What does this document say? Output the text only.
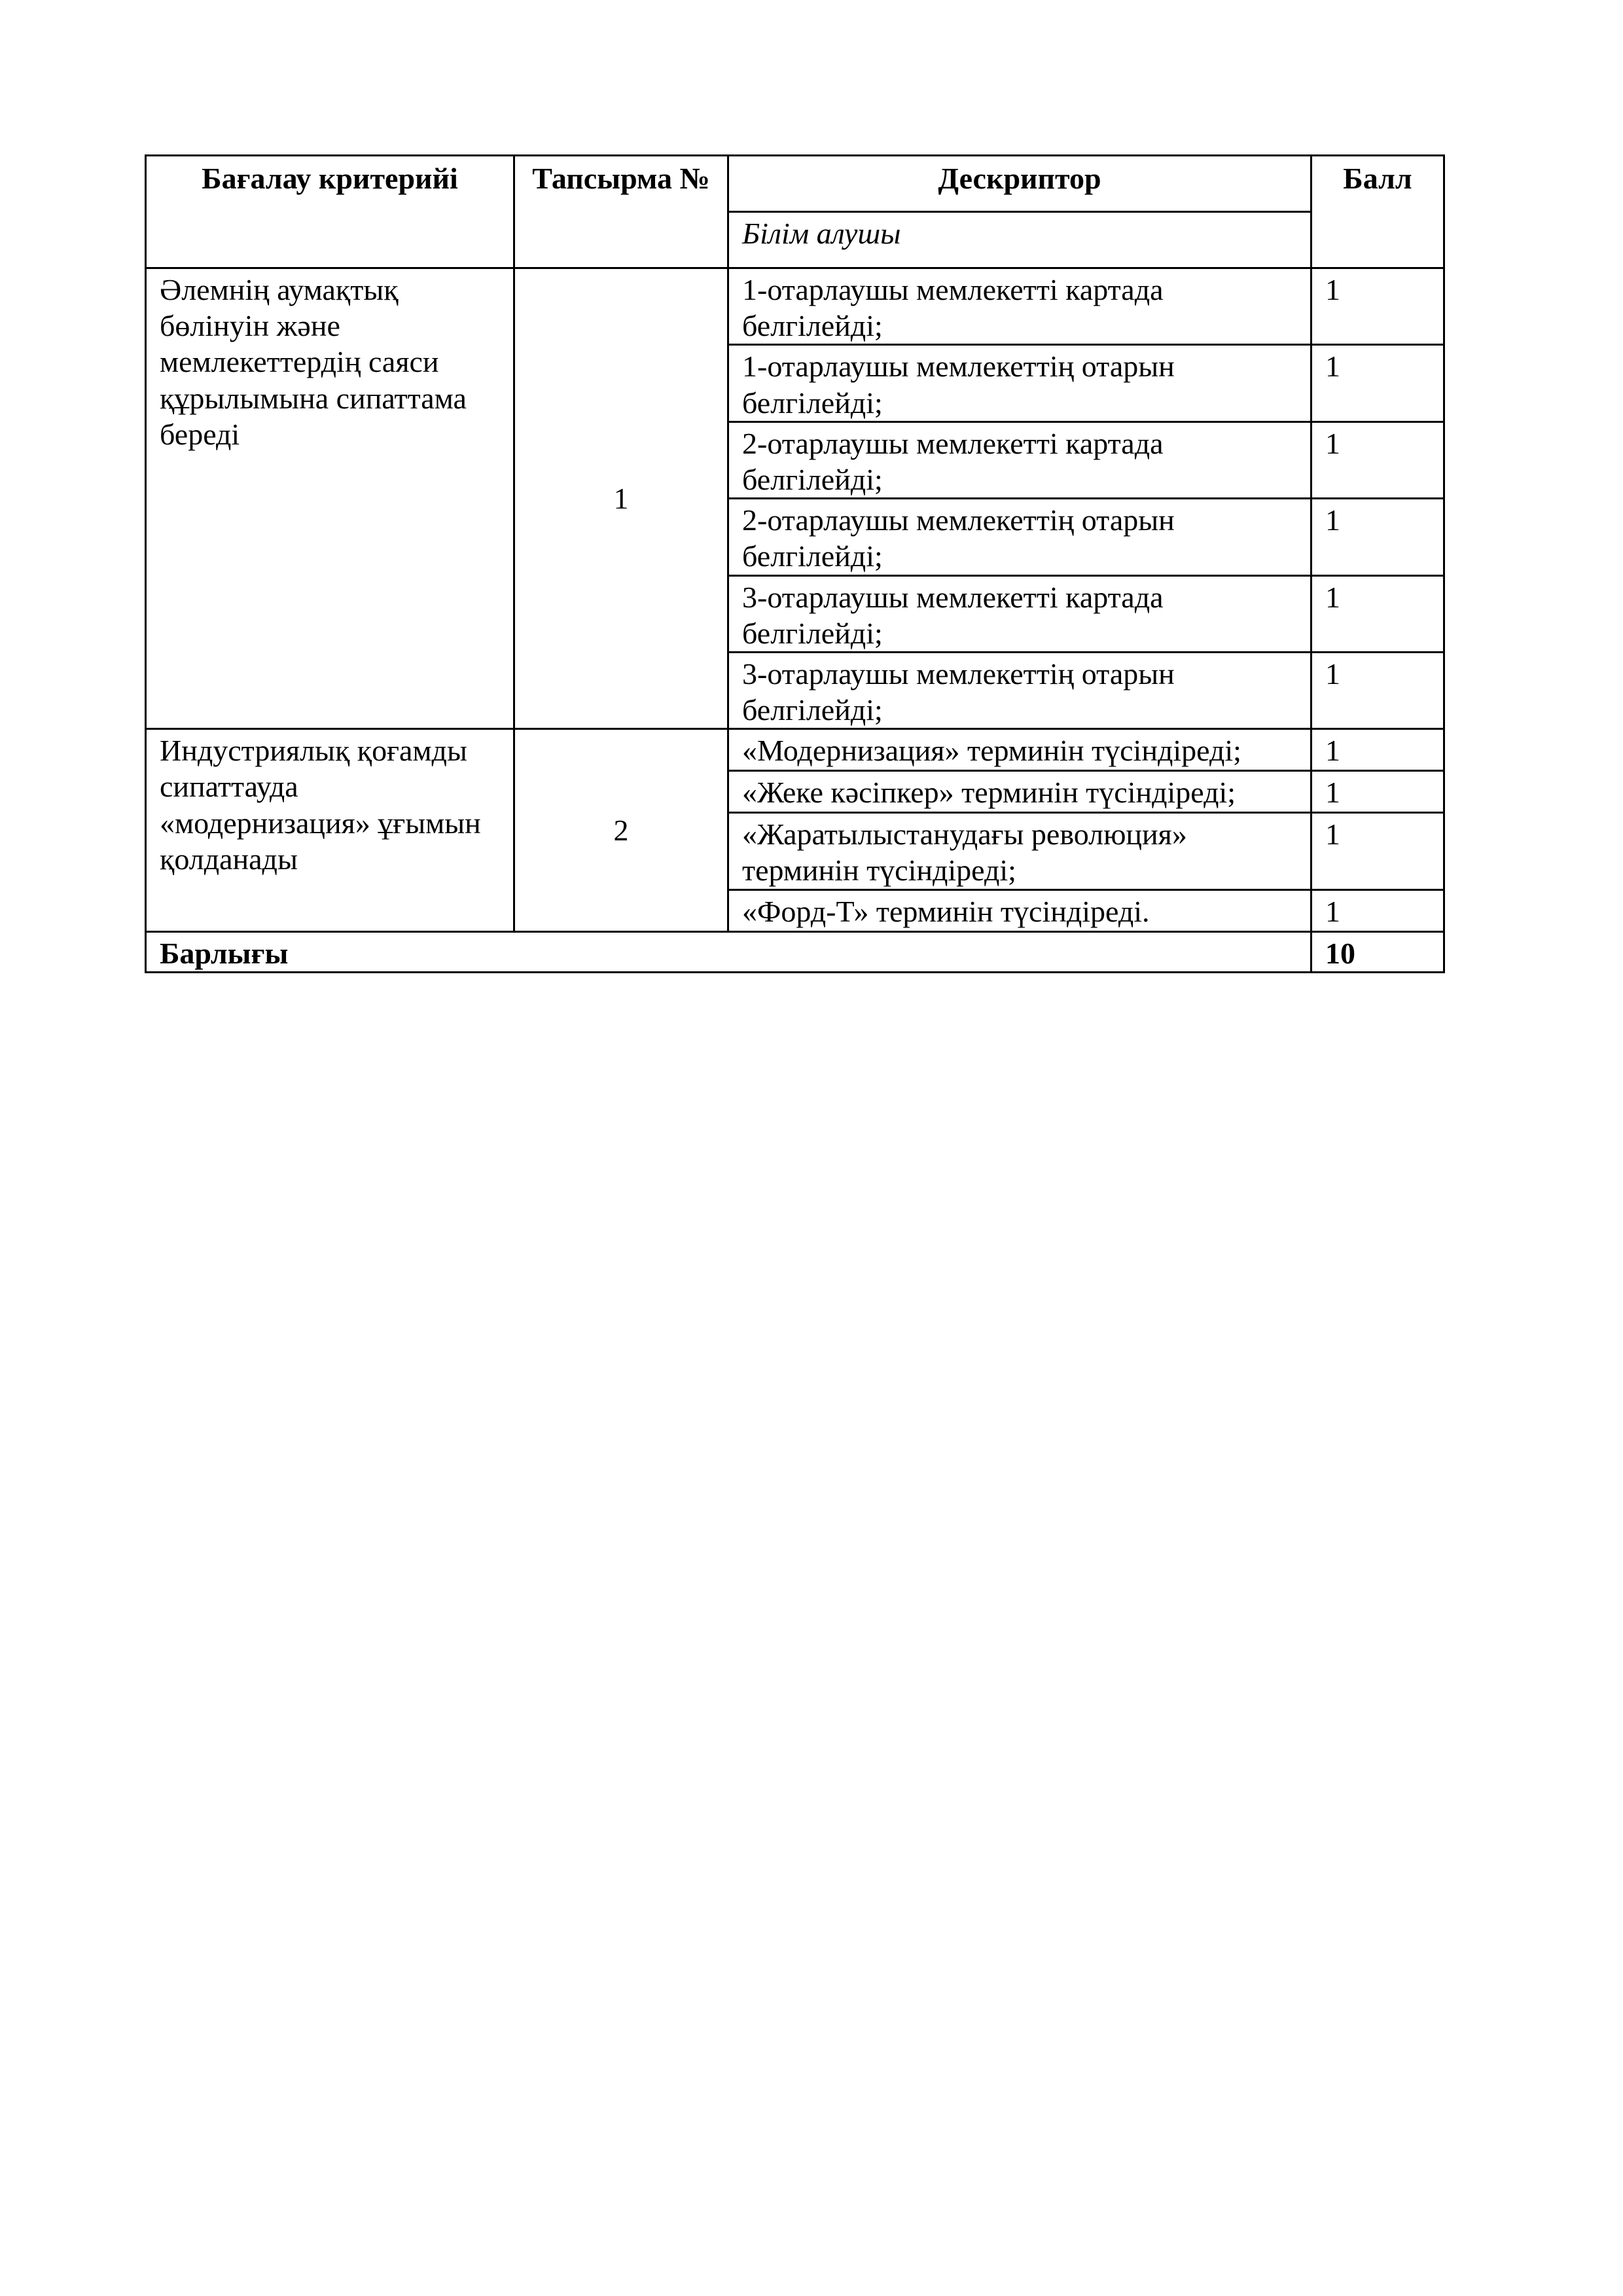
Бағалау критерийі	Тапсырма №	Дескриптор	Балл
		Білім алушы	
Әлемнің аумақтық бөлінуін және мемлекеттердің саяси құрылымына сипаттама береді	1	1-отарлаушы мемлекетті картада белгілейді;	1
		1-отарлаушы мемлекеттің отарын белгілейді;	1
		2-отарлаушы мемлекетті картада белгілейді;	1
		2-отарлаушы мемлекеттің отарын белгілейді;	1
		3-отарлаушы мемлекетті картада белгілейді;	1
		3-отарлаушы мемлекеттің отарын белгілейді;	1
Индустриялық қоғамды сипаттауда «модернизация» ұғымын қолданады	2	«Модернизация» терминін түсіндіреді;	1
		«Жеке кәсіпкер» терминін түсіндіреді;	1
		«Жаратылыстанудағы революция» терминін түсіндіреді;	1
		«Форд-Т» терминін түсіндіреді.	1
Барлығы			10
